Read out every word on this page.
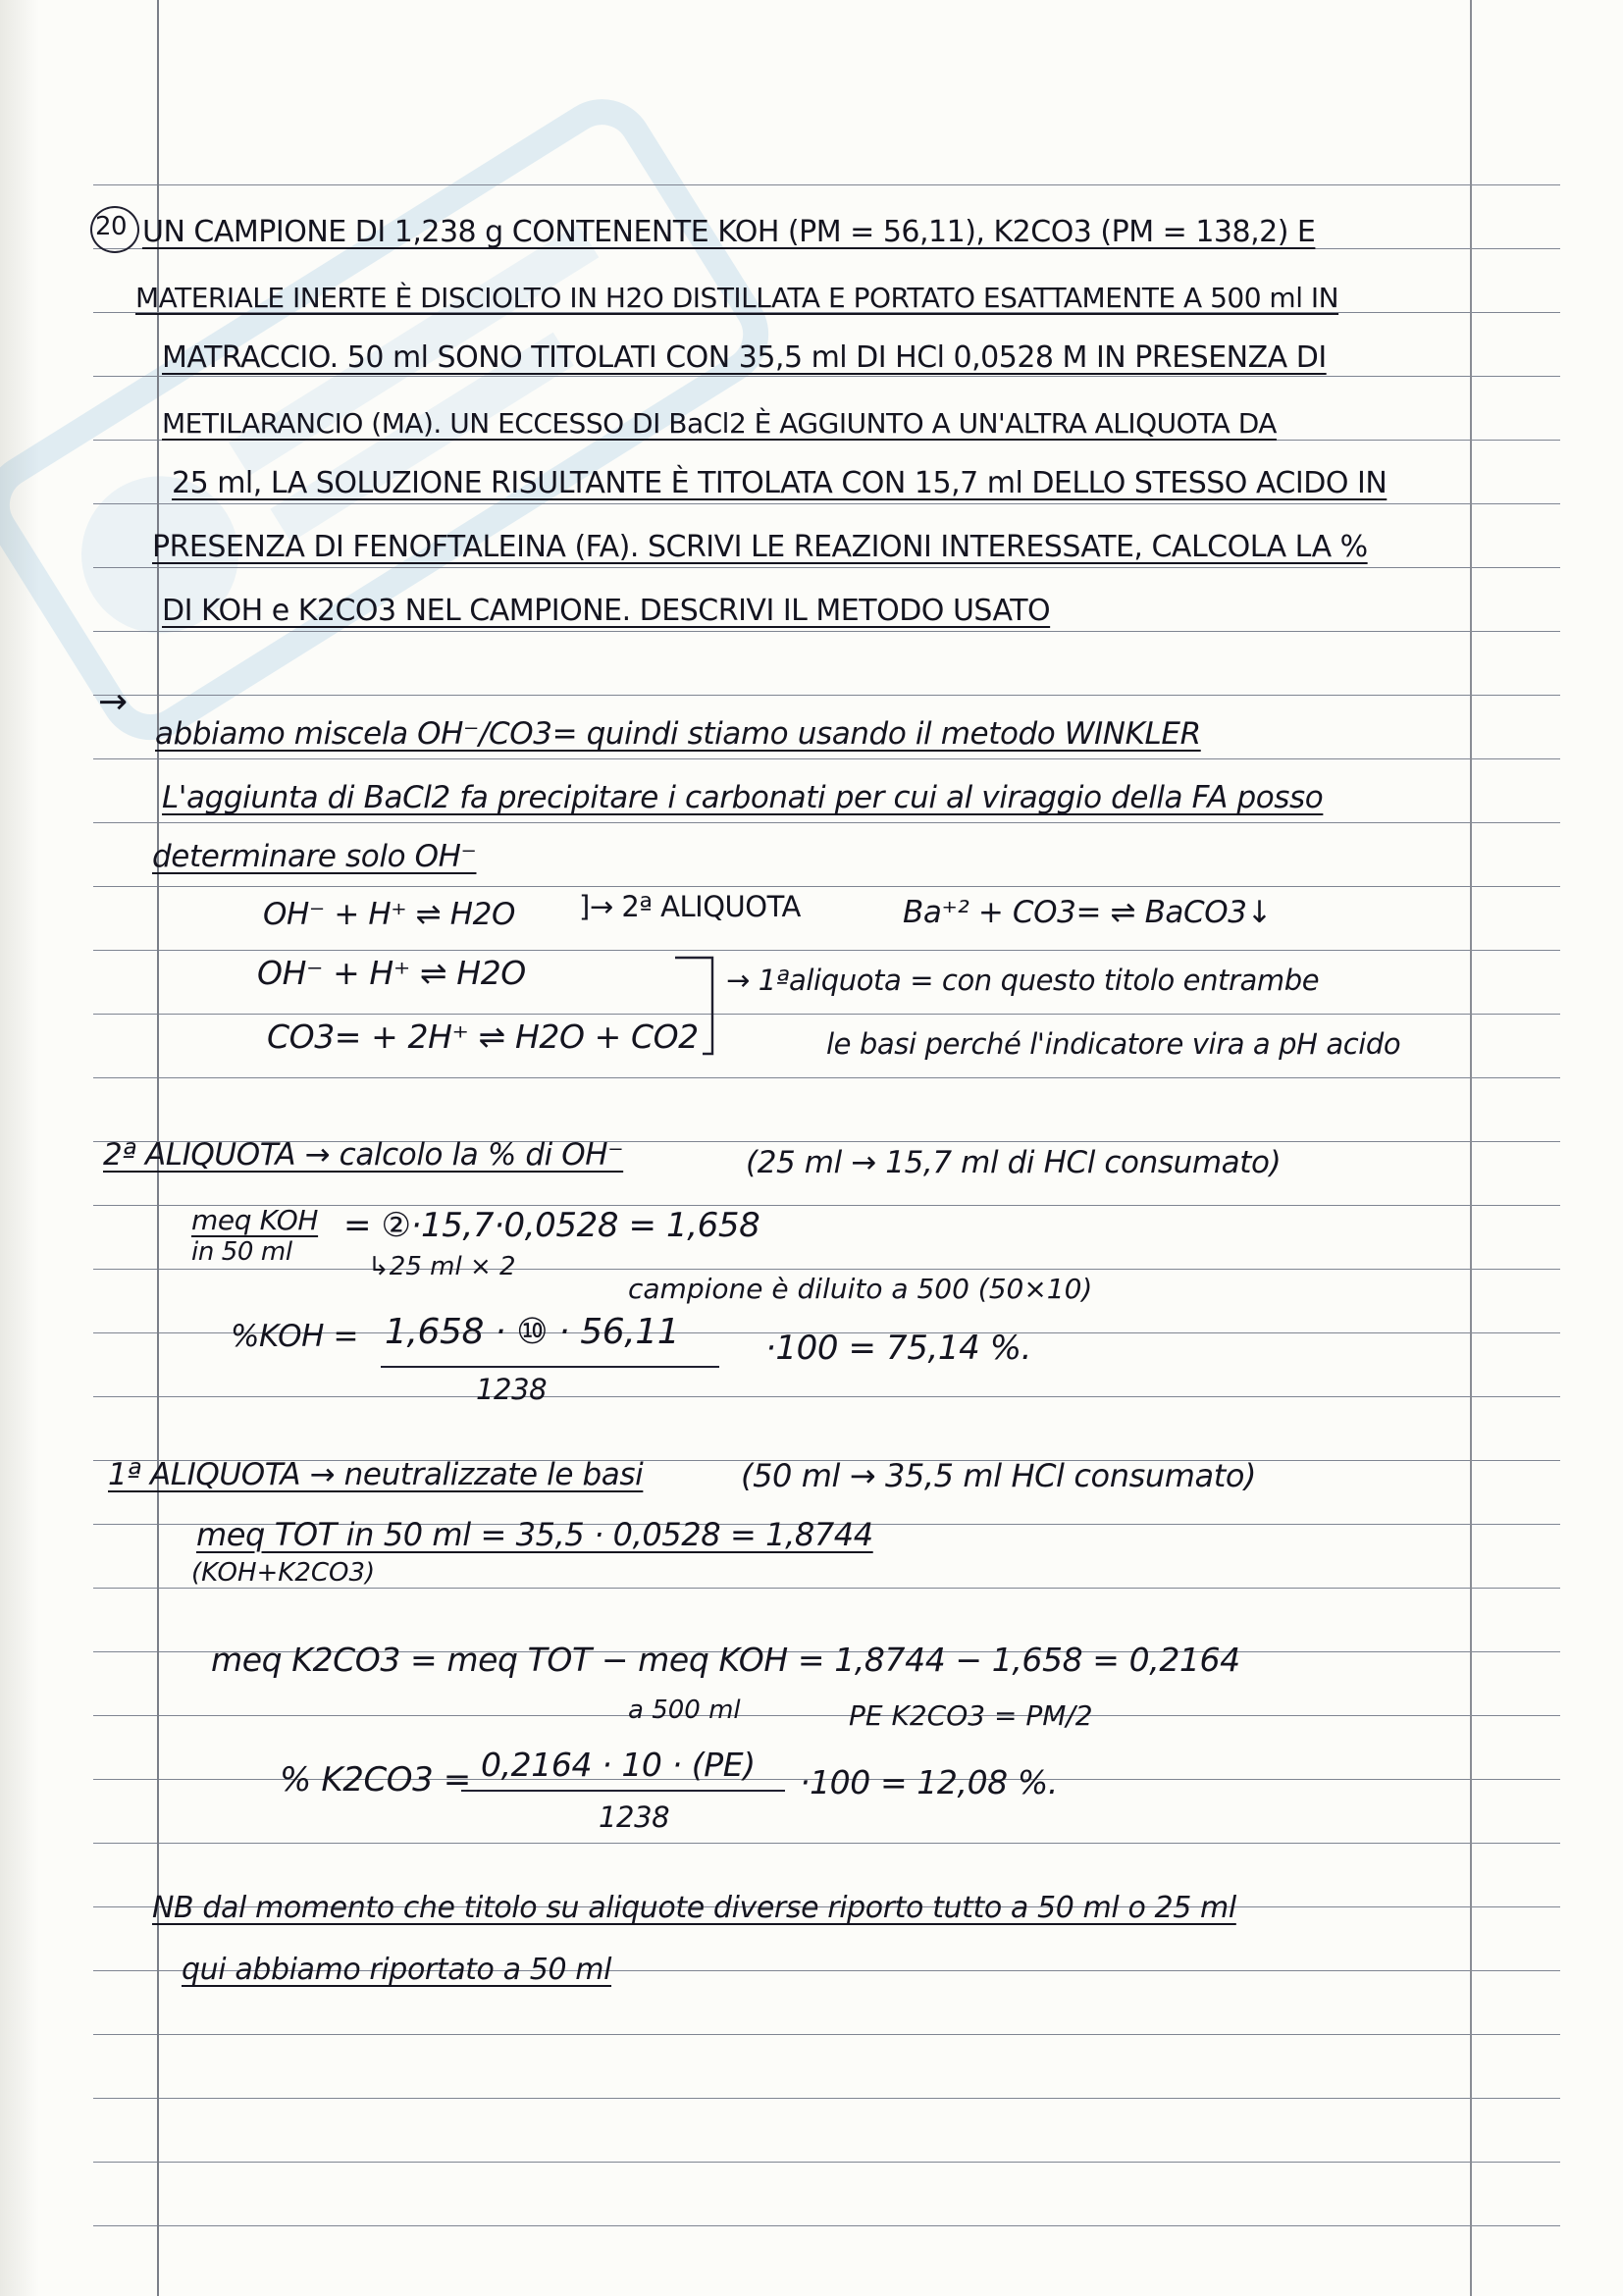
20 UN CAMPIONE DI 1,238 g CONTENENTE KOH (PM = 56,11), K2CO3 (PM = 138,2) E
MATERIALE INERTE È DISCIOLTO IN H2O DISTILLATA E PORTATO ESATTAMENTE A 500 ml IN
MATRACCIO. 50 ml SONO TITOLATI CON 35,5 ml DI HCl 0,0528 M IN PRESENZA DI
METILARANCIO (MA). UN ECCESSO DI BaCl2 È AGGIUNTO A UN'ALTRA ALIQUOTA DA
25 ml, LA SOLUZIONE RISULTANTE È TITOLATA CON 15,7 ml DELLO STESSO ACIDO IN
PRESENZA DI FENOFTALEINA (FA). SCRIVI LE REAZIONI INTERESSATE, CALCOLA LA %
DI KOH e K2CO3 NEL CAMPIONE. DESCRIVI IL METODO USATO
→
abbiamo miscela OH⁻/CO3= quindi stiamo usando il metodo WINKLER
L'aggiunta di BaCl2 fa precipitare i carbonati per cui al viraggio della FA posso
determinare solo OH⁻
OH⁻ + H⁺ ⇌ H2O ]→ 2ª ALIQUOTA	Ba⁺² + CO3= ⇌ BaCO3↓
OH⁻ + H⁺ ⇌ H2O
CO3= + 2H⁺ ⇌ H2O + CO2
→ 1ªaliquota = con questo titolo entrambe
le basi perché l'indicatore vira a pH acido
2ª ALIQUOTA → calcolo la % di OH⁻	(25 ml → 15,7 ml di HCl consumato)
meq KOH
in 50 ml
= ②·15,7·0,0528 = 1,658
↳25 ml × 2
campione è diluito a 500 (50×10)
%KOH = 1,658 · ⑩ · 56,11
1238
·100 = 75,14 %.
1ª ALIQUOTA → neutralizzate le basi	(50 ml → 35,5 ml HCl consumato)
meq TOT in 50 ml = 35,5 · 0,0528 = 1,8744
(KOH+K2CO3)
meq K2CO3 = meq TOT − meq KOH = 1,8744 − 1,658 = 0,2164
a 500 ml	PE K2CO3 = PM/2
% K2CO3 = 0,2164 · 10 · (PE)
1238
·100 = 12,08 %.
NB dal momento che titolo su aliquote diverse riporto tutto a 50 ml o 25 ml
qui abbiamo riportato a 50 ml
